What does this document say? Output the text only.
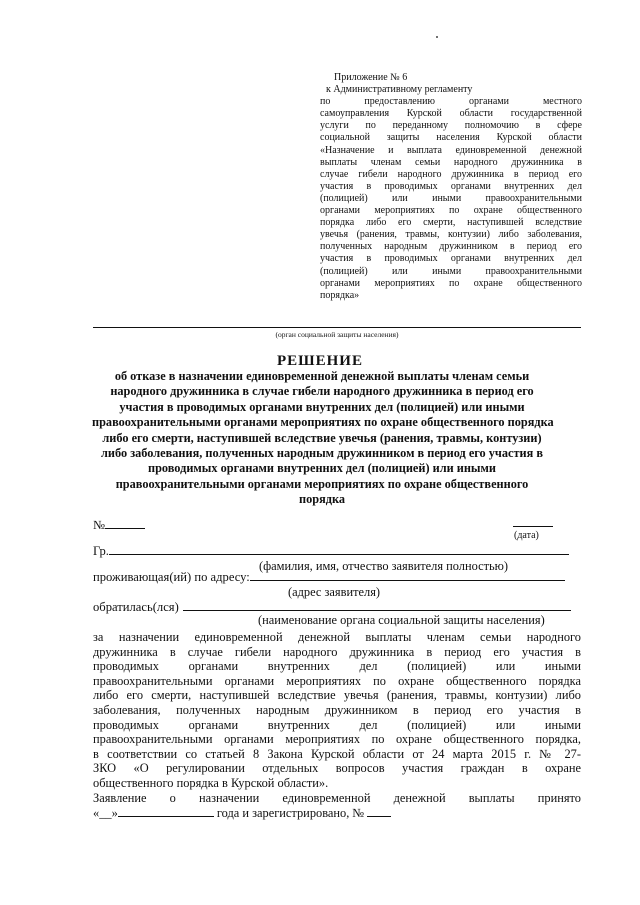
Приложение № 6
к Административному регламенту
по предоставлению органами местного
самоуправления Курской области государственной
услуги по переданному полномочию в сфере
социальной защиты населения Курской области
«Назначение и выплата единовременной денежной
выплаты членам семьи народного дружинника в
случае гибели народного дружинника в период его
участия в проводимых органами внутренних дел
(полицией) или иными правоохранительными
органами мероприятиях по охране общественного
порядка либо его смерти, наступившей вследствие
увечья (ранения, травмы, контузии) либо заболевания,
полученных народным дружинником в период его
участия в проводимых органами внутренних дел
(полицией) или иными правоохранительными
органами мероприятиях по охране общественного
порядка»
(орган социальной защиты населения)
РЕШЕНИЕ
об отказе в назначении единовременной денежной выплаты членам семьи
народного дружинника в случае гибели народного дружинника в период его
участия в проводимых органами внутренних дел (полицией) или иными
правоохранительными органами мероприятиях по охране общественного порядка
либо его смерти, наступившей вследствие увечья (ранения, травмы, контузии)
либо заболевания, полученных народным дружинником в период его участия в
проводимых органами внутренних дел (полицией) или иными
правоохранительными органами мероприятиях по охране общественного
порядка
№
(дата)
Гр.
(фамилия, имя, отчество заявителя полностью)
проживающая(ий) по адресу:
(адрес заявителя)
обратилась(лся)
(наименование органа социальной защиты населения)
за назначении единовременной денежной выплаты членам семьи народного
дружинника в случае гибели народного дружинника в период его участия в
проводимых органами внутренних дел (полицией) или иными
правоохранительными органами мероприятиях по охране общественного порядка
либо его смерти, наступившей вследствие увечья (ранения, травмы, контузии) либо
заболевания, полученных народным дружинником в период его участия в
проводимых органами внутренних дел (полицией) или иными
правоохранительными органами мероприятиях по охране общественного порядка,
в соответствии со статьей 8 Закона Курской области от 24 марта 2015 г. № 27-
ЗКО «О регулировании отдельных вопросов участия граждан в охране
общественного порядка в Курской области».
Заявление о назначении единовременной денежной выплаты принято
«__»	года и зарегистрировано, №
